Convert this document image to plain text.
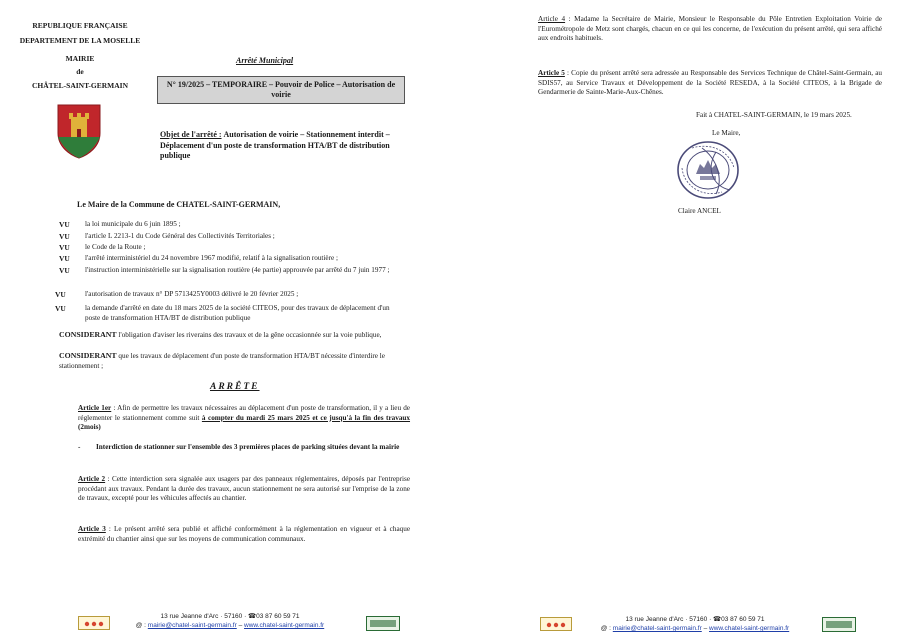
REPUBLIQUE FRANÇAISE
DEPARTEMENT DE LA MOSELLE
MAIRIE
de
CHÂTEL-SAINT-GERMAIN
Arrêté Municipal
N° 19/2025 – TEMPORAIRE – Pouvoir de Police – Autorisation de voirie
Objet de l'arrêté : Autorisation de voirie – Stationnement interdit – Déplacement d'un poste de transformation HTA/BT de distribution publique
Le Maire de la Commune de CHATEL-SAINT-GERMAIN,
VU la loi municipale du 6 juin 1895 ;
VU l'article L 2213-1 du Code Général des Collectivités Territoriales ;
VU le Code de la Route ;
VU l'arrêté interministériel du 24 novembre 1967 modifié, relatif à la signalisation routière ;
VU l'instruction interministérielle sur la signalisation routière (4e partie) approuvée par arrêté du 7 juin 1977 ;
VU	l'autorisation de travaux n° DP 5713425Y0003 délivré le 20 février 2025 ;
VU	la demande d'arrêté en date du 18 mars 2025 de la société CITEOS, pour des travaux de déplacement d'un poste de transformation HTA/BT de distribution publique
CONSIDERANT l'obligation d'aviser les riverains des travaux et de la gêne occasionnée sur la voie publique,
CONSIDERANT que les travaux de déplacement d'un poste de transformation HTA/BT nécessite d'interdire le stationnement ;
ARRÊTE
Article 1er : Afin de permettre les travaux nécessaires au déplacement d'un poste de transformation, il y a lieu de réglementer le stationnement comme suit à compter du mardi 25 mars 2025 et ce jusqu'à la fin des travaux (2mois)
-	Interdiction de stationner sur l'ensemble des 3 premières places de parking situées devant la mairie
Article 2 : Cette interdiction sera signalée aux usagers par des panneaux réglementaires, déposés par l'entreprise procédant aux travaux. Pendant la durée des travaux, aucun stationnement ne sera autorisé sur l'emprise de la zone de travaux, excepté pour les véhicules affectés au chantier.
Article 3 : Le présent arrêté sera publié et affiché conformément à la réglementation en vigueur et à chaque extrémité du chantier ainsi que sur les moyens de communication communaux.
13 rue Jeanne d'Arc · 57160 · ☎03 87 60 59 71
@ : mairie@chatel-saint-germain.fr – www.chatel-saint-germain.fr
Article 4 : Madame la Secrétaire de Mairie, Monsieur le Responsable du Pôle Entretien Exploitation Voirie de l'Eurométropole de Metz sont chargés, chacun en ce qui les concerne, de l'exécution du présent arrêté, qui sera affiché aux endroits habituels.
Article 5 : Copie du présent arrêté sera adressée au Responsable des Services Technique de Châtel-Saint-Germain, au SDIS57, au Service Travaux et Développement de la Société RESEDA, à la Société CITEOS, à la Brigade de Gendarmerie de Sainte-Marie-Aux-Chênes.
Fait à CHATEL-SAINT-GERMAIN, le 19 mars 2025.
Le Maire,
Claire ANCEL
13 rue Jeanne d'Arc · 57160 · ☎03 87 60 59 71
@ : mairie@chatel-saint-germain.fr – www.chatel-saint-germain.fr
